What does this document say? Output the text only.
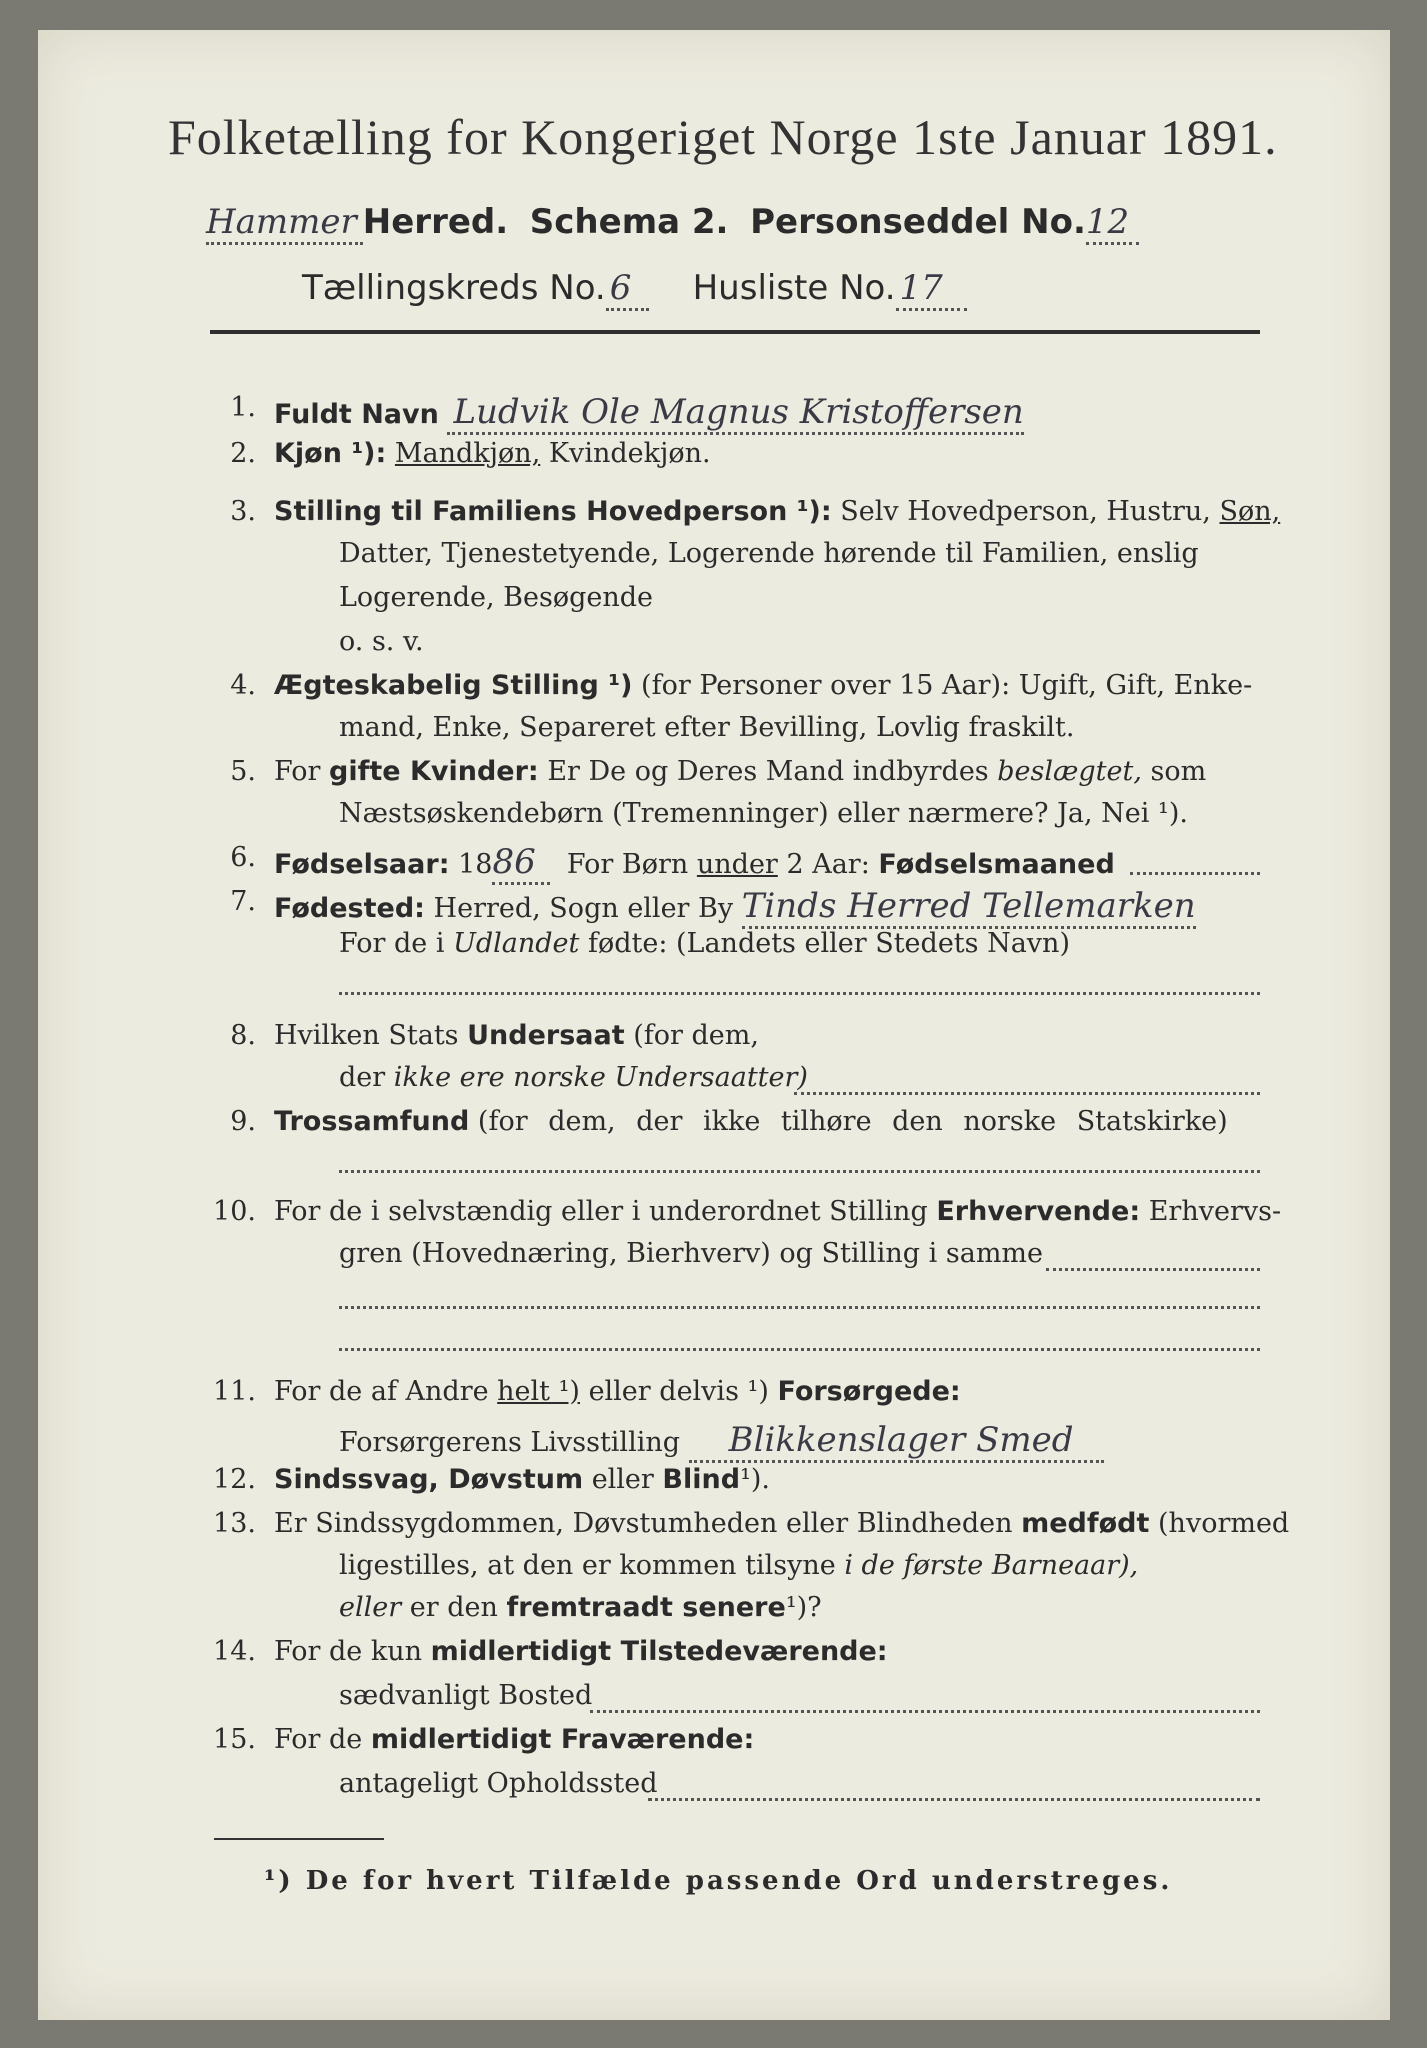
Folketælling for Kongeriget Norge 1ste Januar 1891.
Hammer Herred. Schema 2. Personseddel No.12
Tællingskreds No. 6 Husliste No. 17
1. Fuldt Navn Ludvik Ole Magnus Kristoffersen
2. Kjøn ¹): Mandkjøn, Kvindekjøn.
3. Stilling til Familiens Hovedperson ¹): Selv Hovedperson, Hustru, Søn,
Datter, Tjenestetyende, Logerende hørende til Familien, enslig
Logerende, Besøgende
o. s. v.
4. Ægteskabelig Stilling ¹) (for Personer over 15 Aar): Ugift, Gift, Enke-
mand, Enke, Separeret efter Bevilling, Lovlig fraskilt.
5. For gifte Kvinder: Er De og Deres Mand indbyrdes beslægtet, som
Næstsøskendebørn (Tremenninger) eller nærmere? Ja, Nei ¹).
6. Fødselsaar: 1886 For Børn under 2 Aar: Fødselsmaaned
7. Fødested: Herred, Sogn eller By Tinds Herred Tellemarken
For de i Udlandet fødte: (Landets eller Stedets Navn)
8. Hvilken Stats Undersaat (for dem,
der ikke ere norske Undersaatter)
9. Trossamfund (for dem, der ikke tilhøre den norske Statskirke)
10. For de i selvstændig eller i underordnet Stilling Erhvervende: Erhvervs-
gren (Hovednæring, Bierhverv) og Stilling i samme
11. For de af Andre helt ¹) eller delvis ¹) Forsørgede:
Forsørgerens Livsstilling Blikkenslager Smed
12. Sindssvag, Døvstum eller Blind¹).
13. Er Sindssygdommen, Døvstumheden eller Blindheden medfødt (hvormed
ligestilles, at den er kommen tilsyne i de første Barneaar),
eller er den fremtraadt senere¹)?
14. For de kun midlertidigt Tilstedeværende:
sædvanligt Bosted
15. For de midlertidigt Fraværende:
antageligt Opholdssted
¹) De for hvert Tilfælde passende Ord understreges.
